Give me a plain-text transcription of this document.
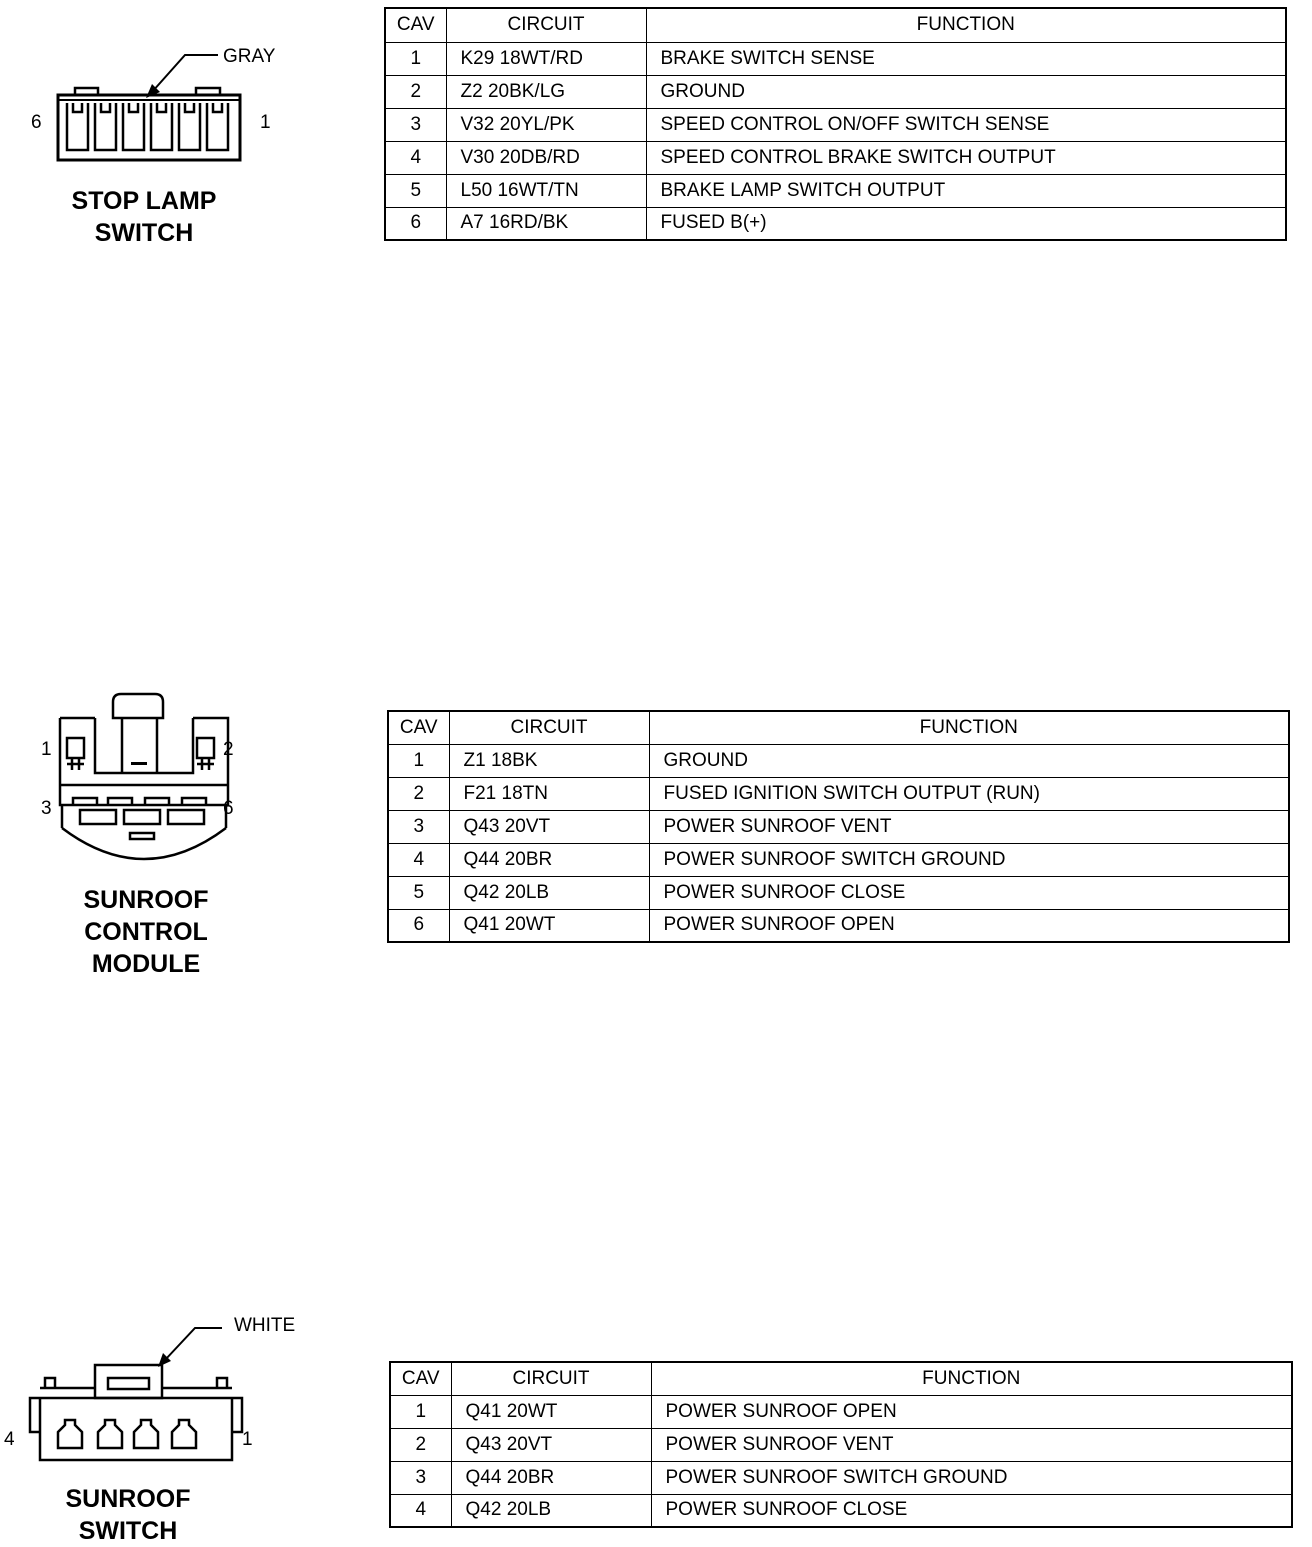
GRAY
6	1
STOP LAMP
SWITCH
CAV	CIRCUIT	FUNCTION
1	K29 18WT/RD	BRAKE SWITCH SENSE
2	Z2 20BK/LG	GROUND
3	V32 20YL/PK	SPEED CONTROL ON/OFF SWITCH SENSE
4	V30 20DB/RD	SPEED CONTROL BRAKE SWITCH OUTPUT
5	L50 16WT/TN	BRAKE LAMP SWITCH OUTPUT
6	A7 16RD/BK	FUSED B(+)
1	2
3	6
SUNROOF
CONTROL
MODULE
CAV	CIRCUIT	FUNCTION
1	Z1 18BK	GROUND
2	F21 18TN	FUSED IGNITION SWITCH OUTPUT (RUN)
3	Q43 20VT	POWER SUNROOF VENT
4	Q44 20BR	POWER SUNROOF SWITCH GROUND
5	Q42 20LB	POWER SUNROOF CLOSE
6	Q41 20WT	POWER SUNROOF OPEN
WHITE
4	1
SUNROOF
SWITCH
CAV	CIRCUIT	FUNCTION
1	Q41 20WT	POWER SUNROOF OPEN
2	Q43 20VT	POWER SUNROOF VENT
3	Q44 20BR	POWER SUNROOF SWITCH GROUND
4	Q42 20LB	POWER SUNROOF CLOSE
